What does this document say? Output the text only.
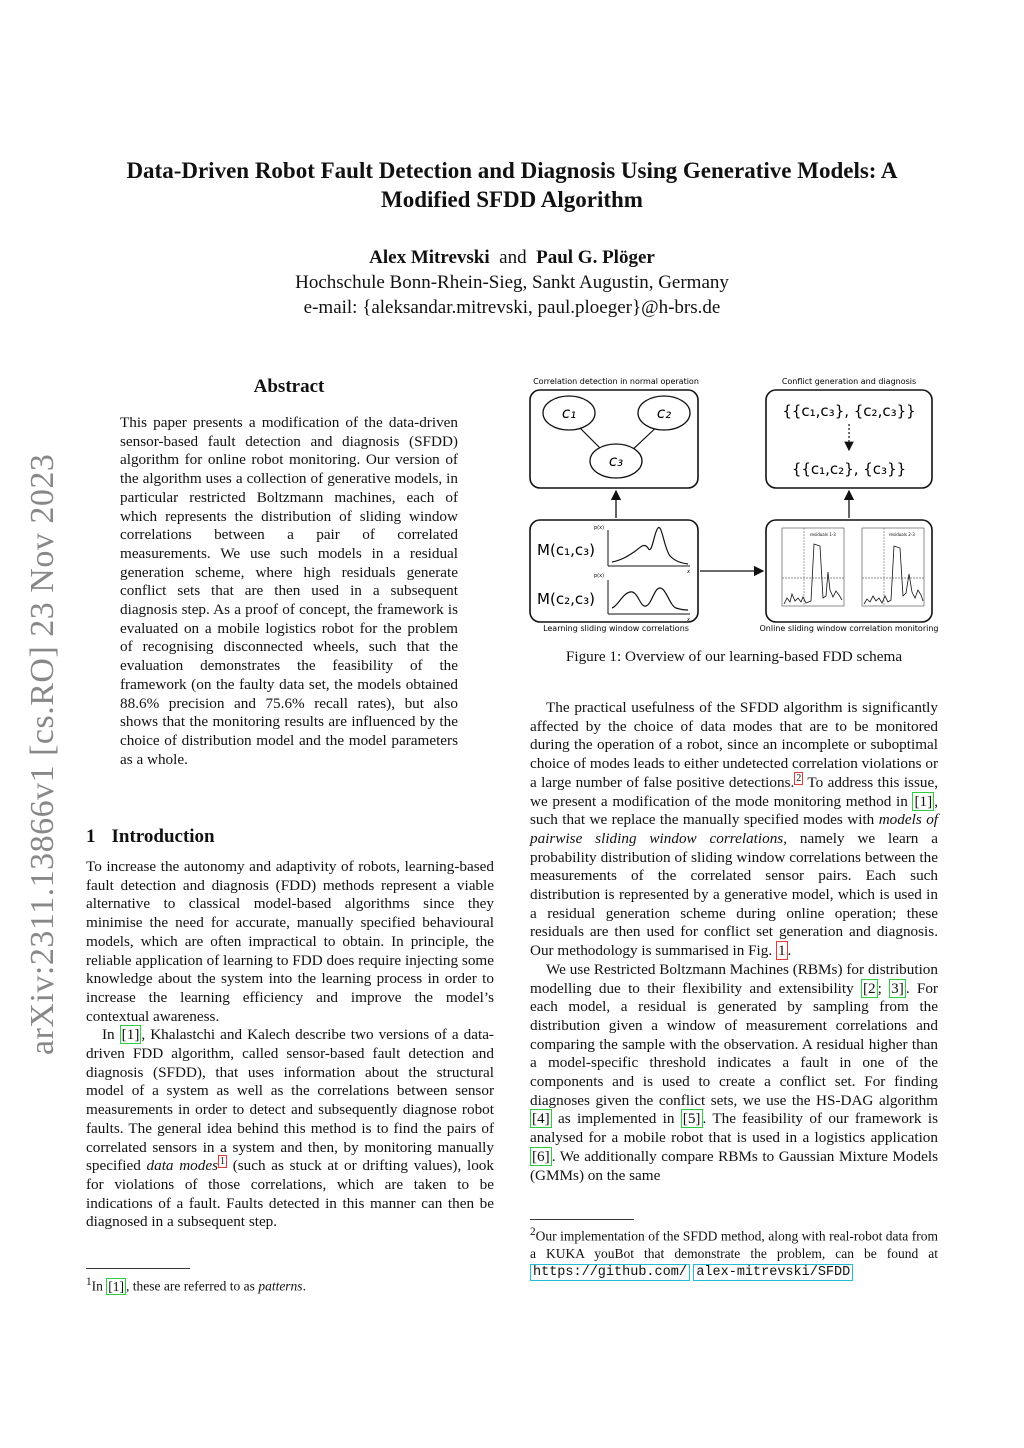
arXiv:2311.13866v1 [cs.RO] 23 Nov 2023
Data-Driven Robot Fault Detection and Diagnosis Using Generative Models: A
Modified SFDD Algorithm
Alex Mitrevski and Paul G. Plöger
Hochschule Bonn-Rhein-Sieg, Sankt Augustin, Germany
e-mail: {aleksandar.mitrevski, paul.ploeger}@h-brs.de
Abstract
This paper presents a modification of the data-driven sensor-based fault detection and diagnosis (SFDD) algorithm for online robot monitoring. Our version of the algorithm uses a collection of generative models, in particular restricted Boltzmann machines, each of which represents the distribution of sliding window correlations between a pair of correlated measurements. We use such models in a residual generation scheme, where high residuals generate conflict sets that are then used in a subsequent diagnosis step. As a proof of concept, the framework is evaluated on a mobile logistics robot for the problem of recognising disconnected wheels, such that the evaluation demonstrates the feasibility of the framework (on the faulty data set, the models obtained 88.6% precision and 75.6% recall rates), but also shows that the monitoring results are influenced by the choice of distribution model and the model parameters as a whole.
1 Introduction

To increase the autonomy and adaptivity of robots, learning-based fault detection and diagnosis (FDD) methods represent a viable alternative to classical model-based algorithms since they minimise the need for accurate, manually specified behavioural models, which are often impractical to obtain. In principle, the reliable application of learning to FDD does require injecting some knowledge about the system into the learning process in order to increase the learning efficiency and improve the model’s contextual awareness.

In [1] , Khalastchi and Kalech describe two versions of a data-driven FDD algorithm, called sensor-based fault detection and diagnosis (SFDD), that uses information about the structural model of a system as well as the correlations between sensor measurements in order to detect and subsequently diagnose robot faults. The general idea behind this method is to find the pairs of correlated sensors in a system and then, by monitoring manually specified data modes $^1$ (such as stuck at or drifting values), look for violations of those correlations, which are taken to be indications of a fault. Faults detected in this manner can then be diagnosed in a subsequent step.

$^1$In [1] , these are referred to as patterns.
Correlation detection in normal operation
c₁	c₂
c₃
Conflict generation and diagnosis
{{c₁,c₃}, {c₂,c₃}}
{{c₁,c₂}, {c₃}}
M(c₁,c₃)
M(c₂,c₃)
p(x)
x
p(x)
x
Learning sliding window correlations
residuals 1-3	residuals 2-3
Online sliding window correlation monitoring
Figure 1: Overview of our learning-based FDD schema

The practical usefulness of the SFDD algorithm is significantly affected by the choice of data modes that are to be monitored during the operation of a robot, since an incomplete or suboptimal choice of modes leads to either undetected correlation violations or a large number of false positive detections. $^2$ To address this issue, we present a modification of the mode monitoring method in [1] , such that we replace the manually specified modes with models of pairwise sliding window correlations, namely we learn a probability distribution of sliding window correlations between the measurements of the correlated sensor pairs. Each such distribution is represented by a generative model, which is used in a residual generation scheme during online operation; these residuals are then used for conflict set generation and diagnosis. Our methodology is summarised in Fig. 1 .

We use Restricted Boltzmann Machines (RBMs) for distribution modelling due to their flexibility and extensibility [2 ; 3] . For each model, a residual is generated by sampling from the distribution given a window of measurement correlations and comparing the sample with the observation. A residual higher than a model-specific threshold indicates a fault in one of the components and is used to create a conflict set. For finding diagnoses given the conflict sets, we use the HS-DAG algorithm [4] as implemented in [5] . The feasibility of our framework is analysed for a mobile robot that is used in a logistics application [6] . We additionally compare RBMs to Gaussian Mixture Models (GMMs) on the same

$^2$Our implementation of the SFDD method, along with real-robot data from a KUKA youBot that demonstrate the problem, can be found at https://github.com/ alex-mitrevski/SFDD
